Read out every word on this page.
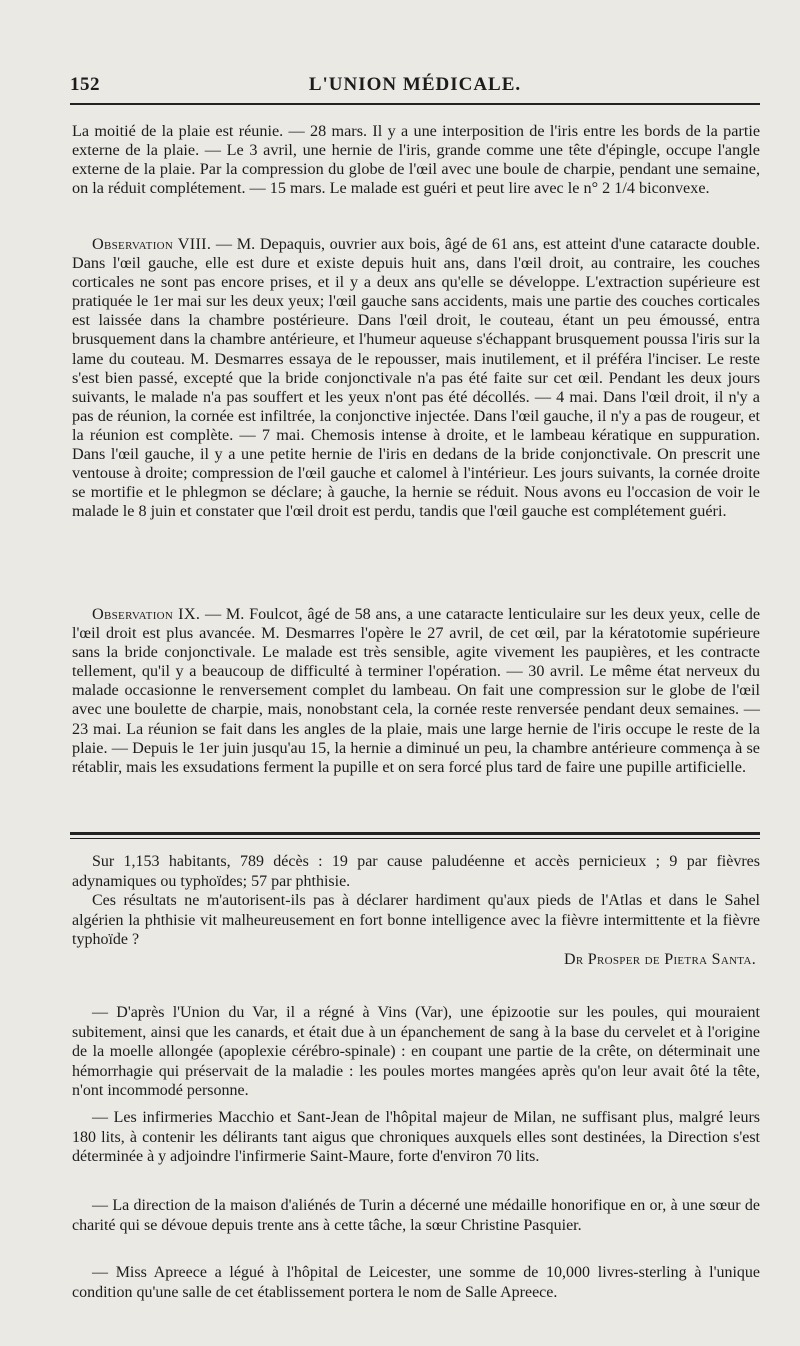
152	L'UNION MÉDICALE.

La moitié de la plaie est réunie. — 28 mars. Il y a une interposition de l'iris entre les bords de la partie externe de la plaie. — Le 3 avril, une hernie de l'iris, grande comme une tête d'épingle, occupe l'angle externe de la plaie. Par la compression du globe de l'œil avec une boule de charpie, pendant une semaine, on la réduit complétement. — 15 mars. Le malade est guéri et peut lire avec le n° 2 1/4 biconvexe.

Observation VIII. — M. Depaquis, ouvrier aux bois, âgé de 61 ans, est atteint d'une cataracte double. Dans l'œil gauche, elle est dure et existe depuis huit ans, dans l'œil droit, au contraire, les couches corticales ne sont pas encore prises, et il y a deux ans qu'elle se développe. L'extraction supérieure est pratiquée le 1er mai sur les deux yeux; l'œil gauche sans accidents, mais une partie des couches corticales est laissée dans la chambre postérieure. Dans l'œil droit, le couteau, étant un peu émoussé, entra brusquement dans la chambre antérieure, et l'humeur aqueuse s'échappant brusquement poussa l'iris sur la lame du couteau. M. Desmarres essaya de le repousser, mais inutilement, et il préféra l'inciser. Le reste s'est bien passé, excepté que la bride conjonctivale n'a pas été faite sur cet œil. Pendant les deux jours suivants, le malade n'a pas souffert et les yeux n'ont pas été décollés. — 4 mai. Dans l'œil droit, il n'y a pas de réunion, la cornée est infiltrée, la conjonctive injectée. Dans l'œil gauche, il n'y a pas de rougeur, et la réunion est complète. — 7 mai. Chemosis intense à droite, et le lambeau kératique en suppuration. Dans l'œil gauche, il y a une petite hernie de l'iris en dedans de la bride conjonctivale. On prescrit une ventouse à droite; compression de l'œil gauche et calomel à l'intérieur. Les jours suivants, la cornée droite se mortifie et le phlegmon se déclare; à gauche, la hernie se réduit. Nous avons eu l'occasion de voir le malade le 8 juin et constater que l'œil droit est perdu, tandis que l'œil gauche est complétement guéri.

Observation IX. — M. Foulcot, âgé de 58 ans, a une cataracte lenticulaire sur les deux yeux, celle de l'œil droit est plus avancée. M. Desmarres l'opère le 27 avril, de cet œil, par la kératotomie supérieure sans la bride conjonctivale. Le malade est très sensible, agite vivement les paupières, et les contracte tellement, qu'il y a beaucoup de difficulté à terminer l'opération. — 30 avril. Le même état nerveux du malade occasionne le renversement complet du lambeau. On fait une compression sur le globe de l'œil avec une boulette de charpie, mais, nonobstant cela, la cornée reste renversée pendant deux semaines. — 23 mai. La réunion se fait dans les angles de la plaie, mais une large hernie de l'iris occupe le reste de la plaie. — Depuis le 1er juin jusqu'au 15, la hernie a diminué un peu, la chambre antérieure commença à se rétablir, mais les exsudations ferment la pupille et on sera forcé plus tard de faire une pupille artificielle.

Sur 1,153 habitants, 789 décès : 19 par cause paludéenne et accès pernicieux ; 9 par fièvres adynamiques ou typhoïdes; 57 par phthisie.

Ces résultats ne m'autorisent-ils pas à déclarer hardiment qu'aux pieds de l'Atlas et dans le Sahel algérien la phthisie vit malheureusement en fort bonne intelligence avec la fièvre intermittente et la fièvre typhoïde ?

Dr Prosper de Pietra Santa.

— D'après l'Union du Var, il a régné à Vins (Var), une épizootie sur les poules, qui mouraient subitement, ainsi que les canards, et était due à un épanchement de sang à la base du cervelet et à l'origine de la moelle allongée (apoplexie cérébro-spinale) : en coupant une partie de la crête, on déterminait une hémorrhagie qui préservait de la maladie : les poules mortes mangées après qu'on leur avait ôté la tête, n'ont incommodé personne.

— Les infirmeries Macchio et Sant-Jean de l'hôpital majeur de Milan, ne suffisant plus, malgré leurs 180 lits, à contenir les délirants tant aigus que chroniques auxquels elles sont destinées, la Direction s'est déterminée à y adjoindre l'infirmerie Saint-Maure, forte d'environ 70 lits.

— La direction de la maison d'aliénés de Turin a décerné une médaille honorifique en or, à une sœur de charité qui se dévoue depuis trente ans à cette tâche, la sœur Christine Pasquier.

— Miss Apreece a légué à l'hôpital de Leicester, une somme de 10,000 livres-sterling à l'unique condition qu'une salle de cet établissement portera le nom de Salle Apreece.
